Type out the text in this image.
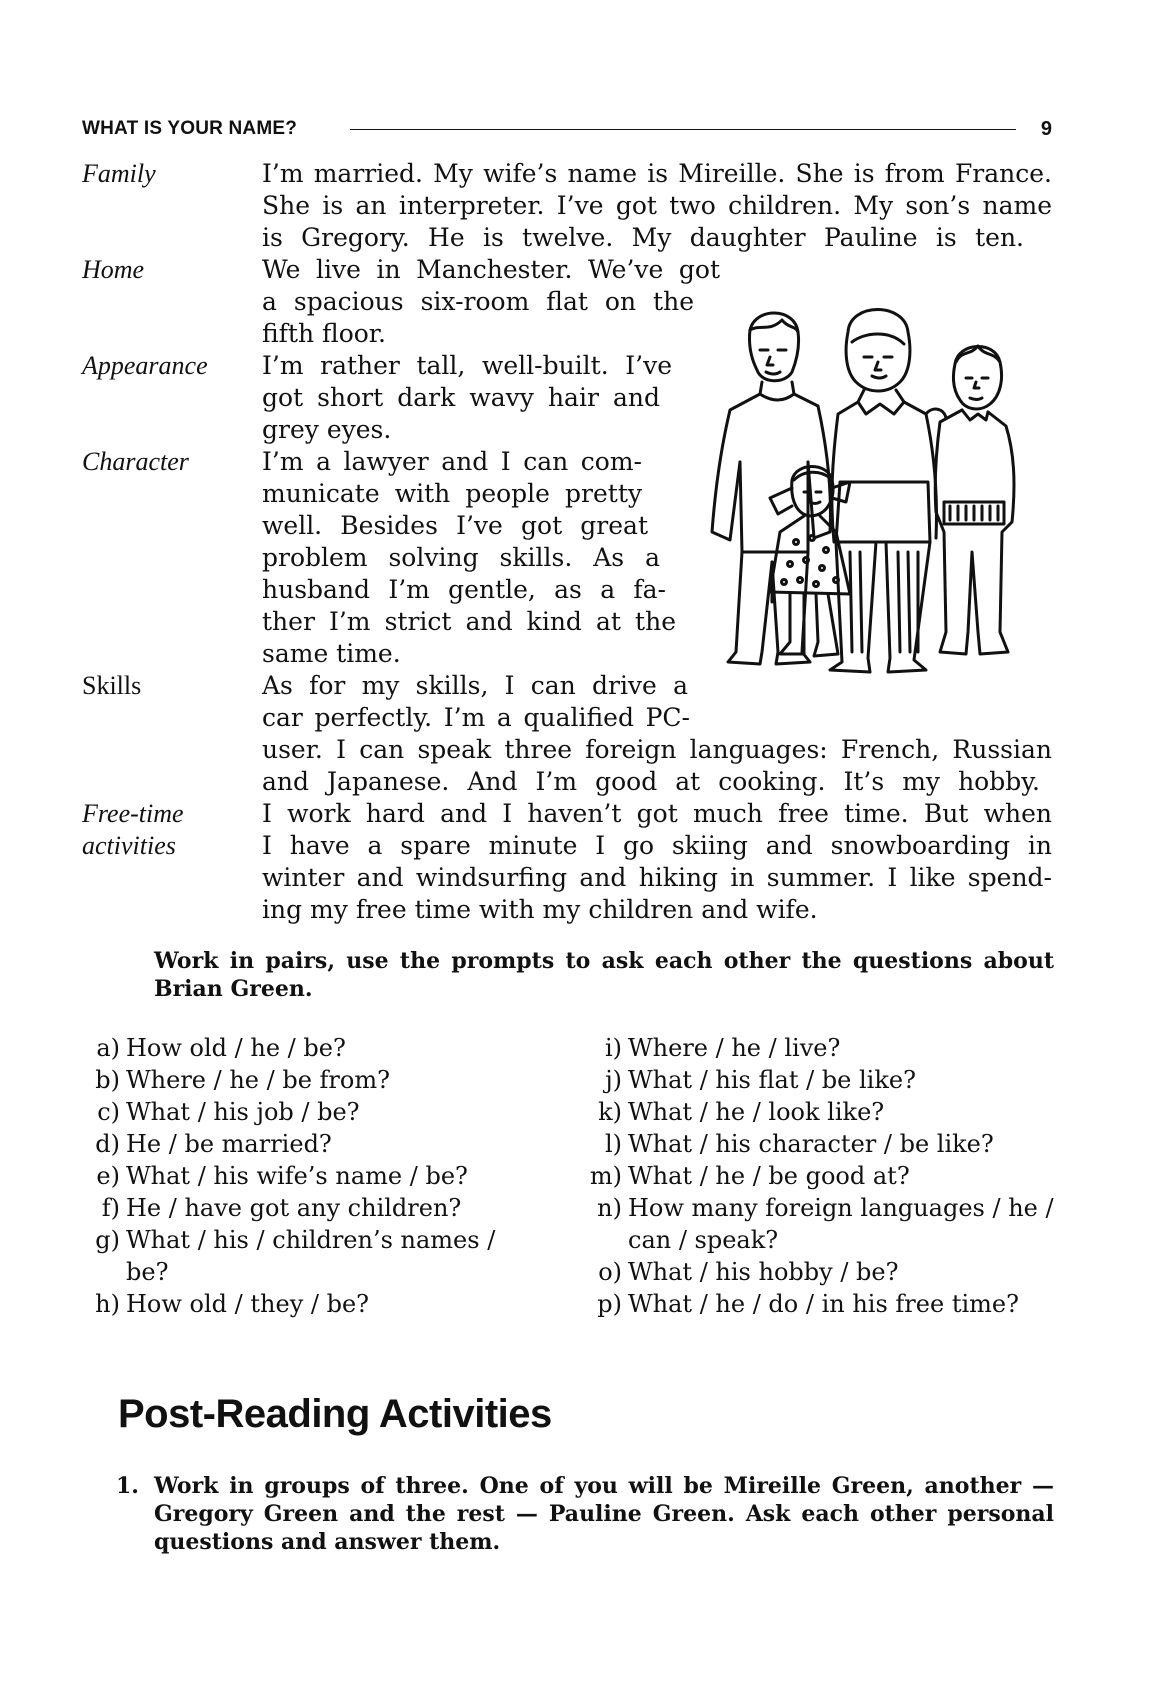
WHAT IS YOUR NAME?	9
Family	I’m married. My wife’s name is Mireille. She is from France.
She is an interpreter. I’ve got two children. My son’s name
is Gregory. He is twelve. My daughter Pauline is ten.
Home	We live in Manchester. We’ve got
a spacious six-room flat on the
fifth floor.
Appearance I’m rather tall, well-built. I’ve
got short dark wavy hair and
grey eyes.
Character	I’m a lawyer and I can com-
municate with people pretty
well. Besides I’ve got great
problem solving skills. As a
husband I’m gentle, as a fa-
ther I’m strict and kind at the
same time.
Skills	As for my skills, I can drive a
car perfectly. I’m a qualified PC-
user. I can speak three foreign languages: French, Russian
and Japanese. And I’m good at cooking. It’s my hobby.
Free-time
activities
I work hard and I haven’t got much free time. But when
I have a spare minute I go skiing and snowboarding in
winter and windsurfing and hiking in summer. I like spend-
ing my free time with my children and wife.
Work in pairs, use the prompts to ask each other the questions about Brian Green.
a) How old / he / be?
b) Where / he / be from?
c) What / his job / be?
d) He / be married?
e) What / his wife’s name / be?
f) He / have got any children?
g) What / his / children’s names /
be?
h) How old / they / be?
i) Where / he / live?
j) What / his flat / be like?
k) What / he / look like?
l) What / his character / be like?
m) What / he / be good at?
n) How many foreign languages / he /
can / speak?
o) What / his hobby / be?
p) What / he / do / in his free time?
Post-Reading Activities
1. Work in groups of three. One of you will be Mireille Green, another — Gregory Green and the rest — Pauline Green. Ask each other personal questions and answer them.
